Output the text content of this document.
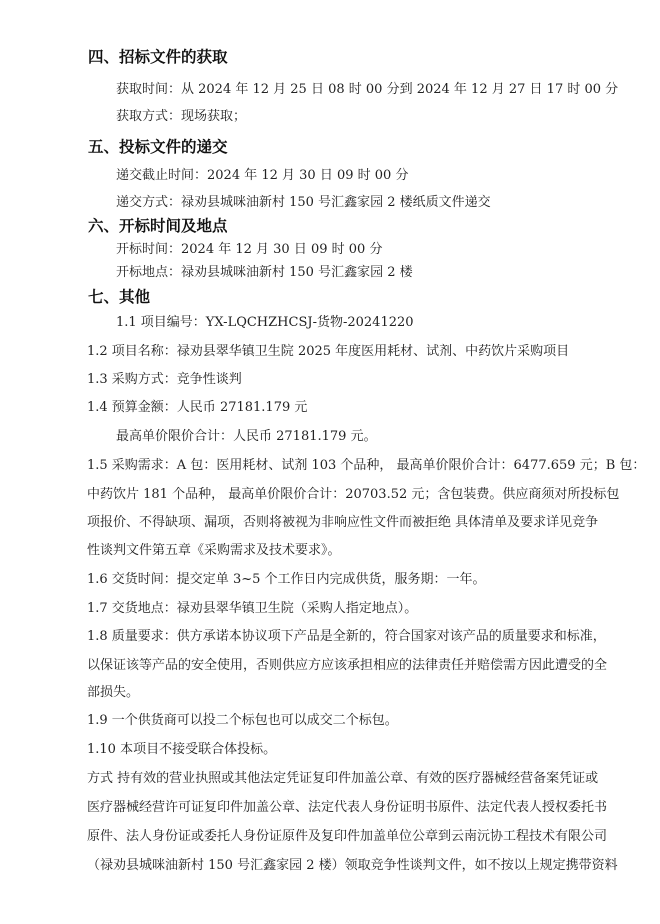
四、招标文件的获取
获取时间：从 2024 年 12 月 25 日 08 时 00 分到 2024 年 12 月 27 日 17 时 00 分
获取方式：现场获取；
五、投标文件的递交
递交截止时间：2024 年 12 月 30 日 09 时 00 分
递交方式：禄劝县城咪油新村 150 号汇鑫家园 2 楼纸质文件递交
六、开标时间及地点
开标时间：2024 年 12 月 30 日 09 时 00 分
开标地点：禄劝县城咪油新村 150 号汇鑫家园 2 楼
七、其他
1.1 项目编号：YX-LQCHZHCSJ-货物-20241220
1.2 项目名称：禄劝县翠华镇卫生院 2025 年度医用耗材、试剂、中药饮片采购项目
1.3 采购方式：竞争性谈判
1.4 预算金额：人民币 27181.179 元
最高单价限价合计：人民币 27181.179 元。
1.5 采购需求：A 包：医用耗材、试剂 103 个品种， 最高单价限价合计：6477.659 元；B 包：
中药饮片 181 个品种， 最高单价限价合计：20703.52 元；含包装费。供应商须对所投标包
项报价、不得缺项、漏项，否则将被视为非响应性文件而被拒绝 具体清单及要求详见竞争
性谈判文件第五章《采购需求及技术要求》。
1.6 交货时间：提交定单 3~5 个工作日内完成供货，服务期：一年。
1.7 交货地点：禄劝县翠华镇卫生院（采购人指定地点）。
1.8 质量要求：供方承诺本协议项下产品是全新的，符合国家对该产品的质量要求和标准，
以保证该等产品的安全使用，否则供应方应该承担相应的法律责任并赔偿需方因此遭受的全
部损失。
1.9 一个供货商可以投二个标包也可以成交二个标包。
1.10 本项目不接受联合体投标。
方式 持有效的营业执照或其他法定凭证复印件加盖公章、有效的医疗器械经营备案凭证或
医疗器械经营许可证复印件加盖公章、法定代表人身份证明书原件、法定代表人授权委托书
原件、法人身份证或委托人身份证原件及复印件加盖单位公章到云南沅协工程技术有限公司
（禄劝县城咪油新村 150 号汇鑫家园 2 楼）领取竞争性谈判文件，如不按以上规定携带资料
